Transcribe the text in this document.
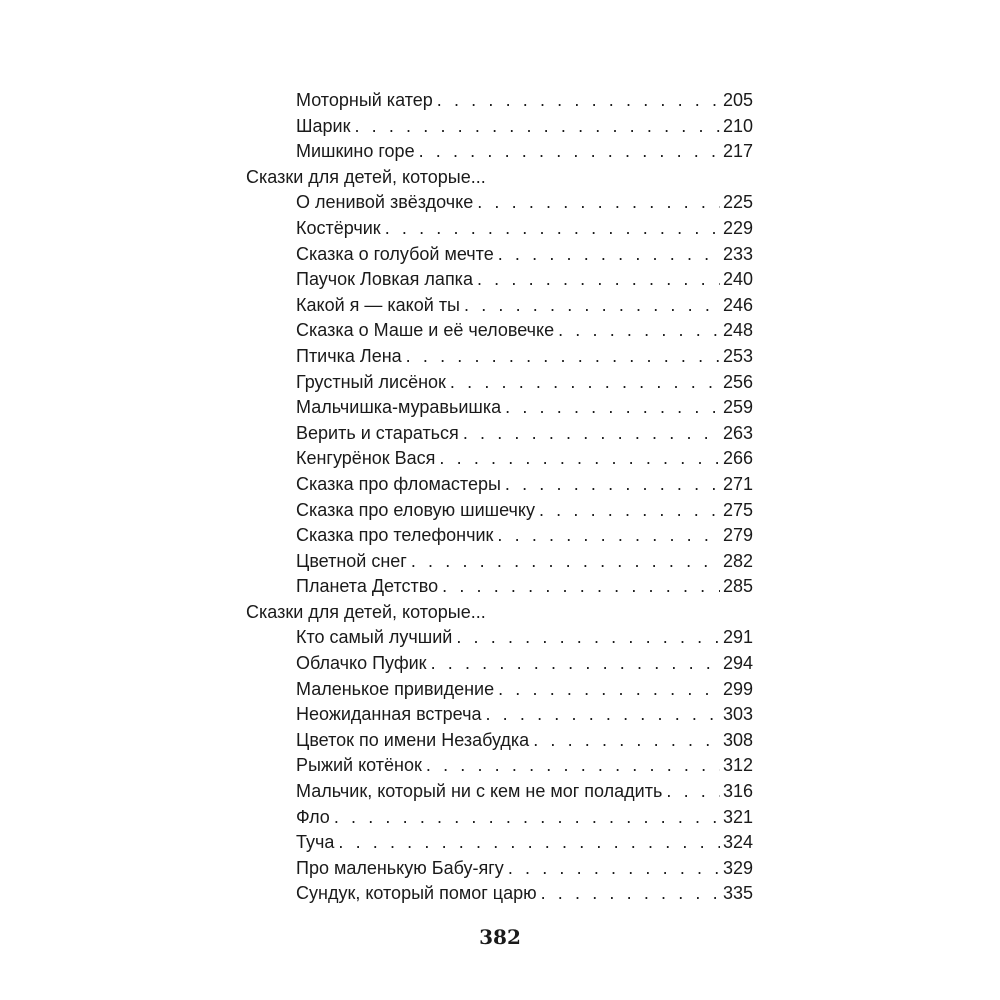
Моторный катер . . .	205
Шарик . . .	210
Мишкино горе . . .	217
Сказки для детей, которые...
О ленивой звёздочке . . .	225
Костёрчик . . .	229
Сказка о голубой мечте . . .	233
Паучок Ловкая лапка . . .	240
Какой я — какой ты . . .	246
Сказка о Маше и её человечке . . .	248
Птичка Лена . . .	253
Грустный лисёнок . . .	256
Мальчишка-муравьишка . . .	259
Верить и стараться . . .	263
Кенгурёнок Вася . . .	266
Сказка про фломастеры . . .	271
Сказка про еловую шишечку . . .	275
Сказка про телефончик . . .	279
Цветной снег . . .	282
Планета Детство . . .	285
Сказки для детей, которые...
Кто самый лучший . . .	291
Облачко Пуфик . . .	294
Маленькое привидение . . .	299
Неожиданная встреча . . .	303
Цветок по имени Незабудка . . .	308
Рыжий котёнок . . .	312
Мальчик, который ни с кем не мог поладить . . .	316
Фло . . .	321
Туча . . .	324
Про маленькую Бабу-ягу . . .	329
Сундук, который помог царю . . .	335
382
